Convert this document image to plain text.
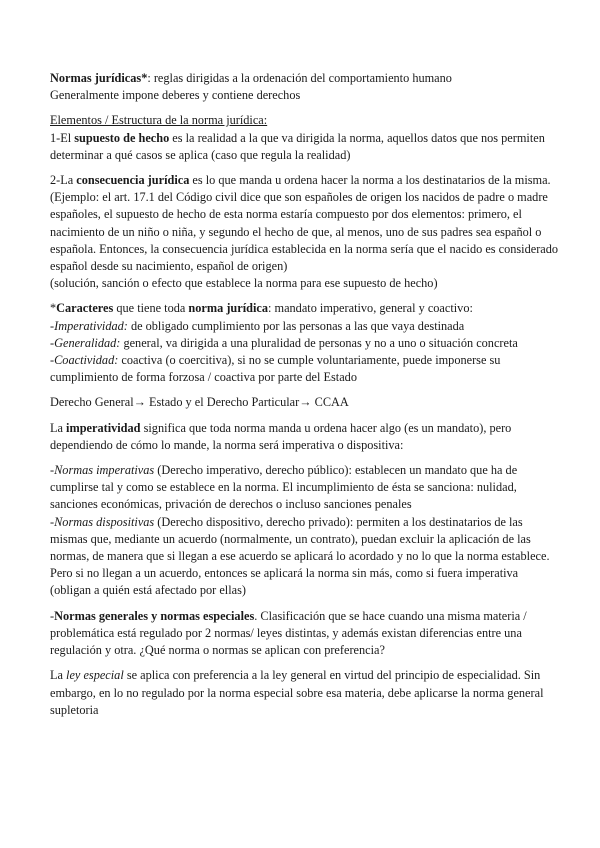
Normas jurídicas*: reglas dirigidas a la ordenación del comportamiento humano

Generalmente impone deberes y contiene derechos

Elementos / Estructura de la norma jurídica:

1-El supuesto de hecho es la realidad a la que va dirigida la norma, aquellos datos que nos permiten determinar a qué casos se aplica (caso que regula la realidad)

2-La consecuencia jurídica es lo que manda u ordena hacer la norma a los destinatarios de la misma. (Ejemplo: el art. 17.1 del Código civil dice que son españoles de origen los nacidos de padre o madre españoles, el supuesto de hecho de esta norma estaría compuesto por dos elementos: primero, el nacimiento de un niño o niña, y segundo el hecho de que, al menos, uno de sus padres sea español o española. Entonces, la consecuencia jurídica establecida en la norma sería que el nacido es considerado español desde su nacimiento, español de origen)

(solución, sanción o efecto que establece la norma para ese supuesto de hecho)

*Caracteres que tiene toda norma jurídica: mandato imperativo, general y coactivo:

-Imperatividad: de obligado cumplimiento por las personas a las que vaya destinada

-Generalidad: general, va dirigida a una pluralidad de personas y no a uno o situación concreta

-Coactividad: coactiva (o coercitiva), si no se cumple voluntariamente, puede imponerse su cumplimiento de forma forzosa / coactiva por parte del Estado

Derecho General→ Estado y el Derecho Particular→ CCAA

La imperatividad significa que toda norma manda u ordena hacer algo (es un mandato), pero dependiendo de cómo lo mande, la norma será imperativa o dispositiva:

-Normas imperativas (Derecho imperativo, derecho público): establecen un mandato que ha de cumplirse tal y como se establece en la norma. El incumplimiento de ésta se sanciona: nulidad, sanciones económicas, privación de derechos o incluso sanciones penales

-Normas dispositivas (Derecho dispositivo, derecho privado): permiten a los destinatarios de las mismas que, mediante un acuerdo (normalmente, un contrato), puedan excluir la aplicación de las normas, de manera que si llegan a ese acuerdo se aplicará lo acordado y no lo que la norma establece. Pero si no llegan a un acuerdo, entonces se aplicará la norma sin más, como si fuera imperativa (obligan a quién está afectado por ellas)

-Normas generales y normas especiales. Clasificación que se hace cuando una misma materia / problemática está regulado por 2 normas/ leyes distintas, y además existan diferencias entre una regulación y otra. ¿Qué norma o normas se aplican con preferencia?

La ley especial se aplica con preferencia a la ley general en virtud del principio de especialidad. Sin embargo, en lo no regulado por la norma especial sobre esa materia, debe aplicarse la norma general supletoria
